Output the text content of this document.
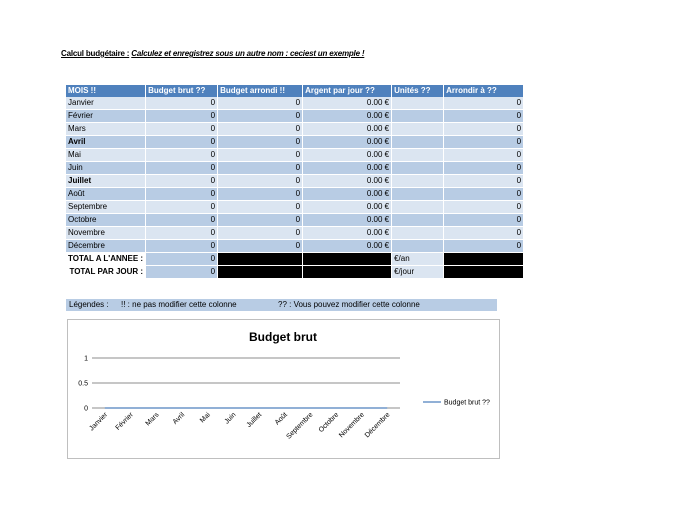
Calcul budgétaire : Calculez et enregistrez sous un autre nom : ceciest un exemple !
MOIS !!	Budget brut ??	Budget arrondi !!	Argent par jour ??	Unités ??	Arrondir à ??
Janvier	0	0	0.00 €		0
Février	0	0	0.00 €		0
Mars	0	0	0.00 €		0
Avril	0	0	0.00 €		0
Mai	0	0	0.00 €		0
Juin	0	0	0.00 €		0
Juillet	0	0	0.00 €		0
Août	0	0	0.00 €		0
Septembre	0	0	0.00 €		0
Octobre	0	0	0.00 €		0
Novembre	0	0	0.00 €		0
Décembre	0	0	0.00 €		0
TOTAL A L'ANNEE :	0			€/an	
TOTAL PAR JOUR :	0			€/jour	
Légendes : !! : ne pas modifier cette colonne	?? : Vous pouvez modifier cette colonne
Budget brut
0
0.5
1
Janvier Février Mars Avril Mai Juin Juillet Août
Septembre Octobre
Novembre
Décembre
Budget brut ??
